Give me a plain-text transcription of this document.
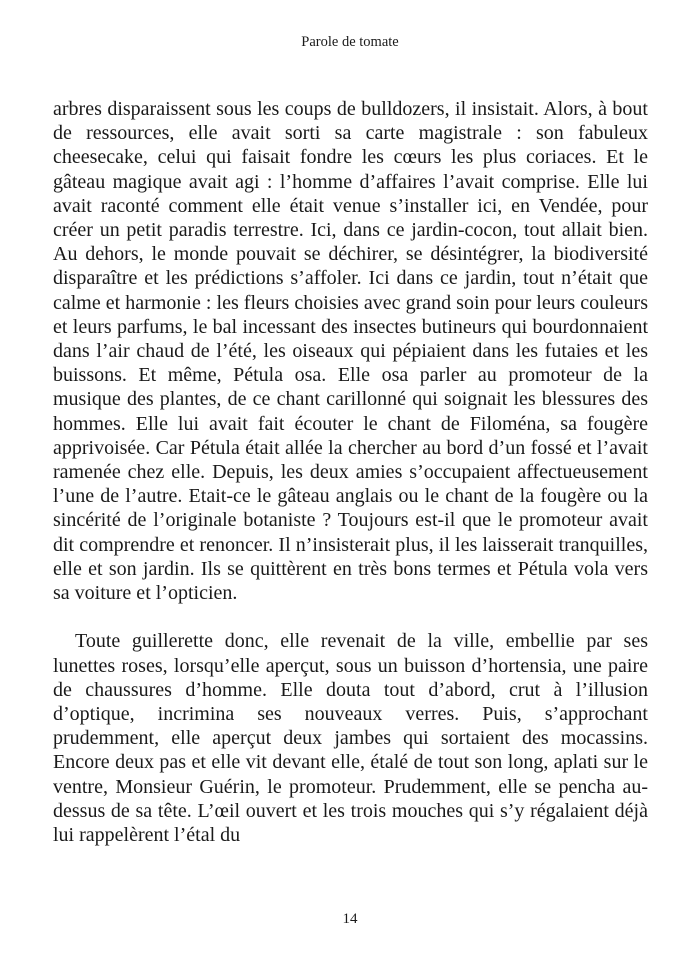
Parole de tomate

arbres disparaissent sous les coups de bulldozers, il insistait. Alors, à bout de ressources, elle avait sorti sa carte magistrale : son fabuleux cheesecake, celui qui faisait fondre les cœurs les plus coriaces. Et le gâteau magique avait agi : l’homme d’affaires l’avait comprise. Elle lui avait raconté comment elle était venue s’installer ici, en Vendée, pour créer un petit paradis terrestre. Ici, dans ce jardin-cocon, tout allait bien. Au dehors, le monde pouvait se déchirer, se désintégrer, la biodiversité disparaître et les prédictions s’affoler. Ici dans ce jardin, tout n’était que calme et harmonie : les fleurs choisies avec grand soin pour leurs couleurs et leurs parfums, le bal incessant des insectes butineurs qui bourdonnaient dans l’air chaud de l’été, les oiseaux qui pépiaient dans les futaies et les buissons. Et même, Pétula osa. Elle osa parler au promoteur de la musique des plantes, de ce chant carillonné qui soignait les blessures des hommes. Elle lui avait fait écouter le chant de Filoména, sa fougère apprivoisée. Car Pétula était allée la chercher au bord d’un fossé et l’avait ramenée chez elle. Depuis, les deux amies s’occupaient affectueusement l’une de l’autre. Etait-ce le gâteau anglais ou le chant de la fougère ou la sincérité de l’originale botaniste ? Toujours est-il que le promoteur avait dit comprendre et renoncer. Il n’insisterait plus, il les laisserait tranquilles, elle et son jardin. Ils se quittèrent en très bons termes et Pétula vola vers sa voiture et l’opticien.

Toute guillerette donc, elle revenait de la ville, embellie par ses lunettes roses, lorsqu’elle aperçut, sous un buisson d’hortensia, une paire de chaussures d’homme. Elle douta tout d’abord, crut à l’illusion d’optique, incrimina ses nouveaux verres. Puis, s’approchant prudemment, elle aperçut deux jambes qui sortaient des mocassins. Encore deux pas et elle vit devant elle, étalé de tout son long, aplati sur le ventre, Monsieur Guérin, le promoteur. Prudemment, elle se pencha au-dessus de sa tête. L’œil ouvert et les trois mouches qui s’y régalaient déjà lui rappelèrent l’étal du

14
